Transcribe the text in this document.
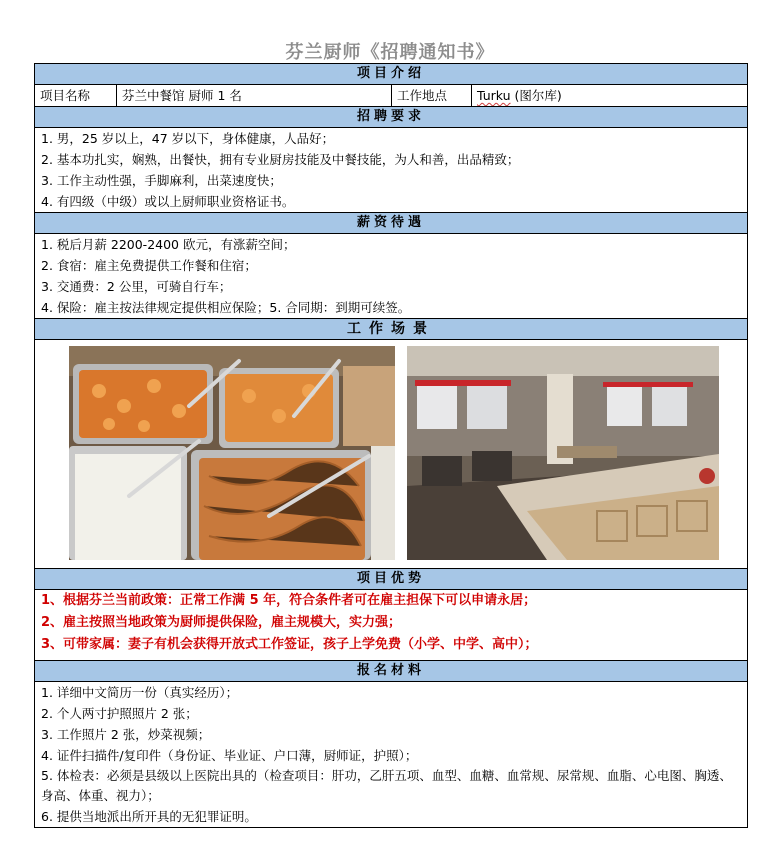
芬兰厨师《招聘通知书》
项目介绍
项目名称	芬兰中餐馆 厨师 1 名	工作地点	Turku (图尔库)
招聘要求
1. 男，25 岁以上，47 岁以下，身体健康，人品好；
2. 基本功扎实，娴熟，出餐快，拥有专业厨房技能及中餐技能，为人和善，出品精致；
3. 工作主动性强，手脚麻利，出菜速度快；
4. 有四级（中级）或以上厨师职业资格证书。
薪资待遇
1. 税后月薪 2200-2400 欧元，有涨薪空间；
2. 食宿：雇主免费提供工作餐和住宿；
3. 交通费：2 公里，可骑自行车；
4. 保险：雇主按法律规定提供相应保险；5. 合同期：到期可续签。
工作场景
项目优势
1、根据芬兰当前政策：正常工作满 5 年，符合条件者可在雇主担保下可以申请永居；
2、雇主按照当地政策为厨师提供保险，雇主规模大，实力强；
3、可带家属：妻子有机会获得开放式工作签证，孩子上学免费（小学、中学、高中）；
报名材料
1. 详细中文简历一份（真实经历）；
2. 个人两寸护照照片 2 张；
3. 工作照片 2 张，炒菜视频；
4. 证件扫描件/复印件（身份证、毕业证、户口薄，厨师证，护照）；
5. 体检表：必须是县级以上医院出具的（检查项目：肝功，乙肝五项、血型、血糖、血常规、尿常规、血脂、心电图、胸透、身高、体重、视力）；
6. 提供当地派出所开具的无犯罪证明。
